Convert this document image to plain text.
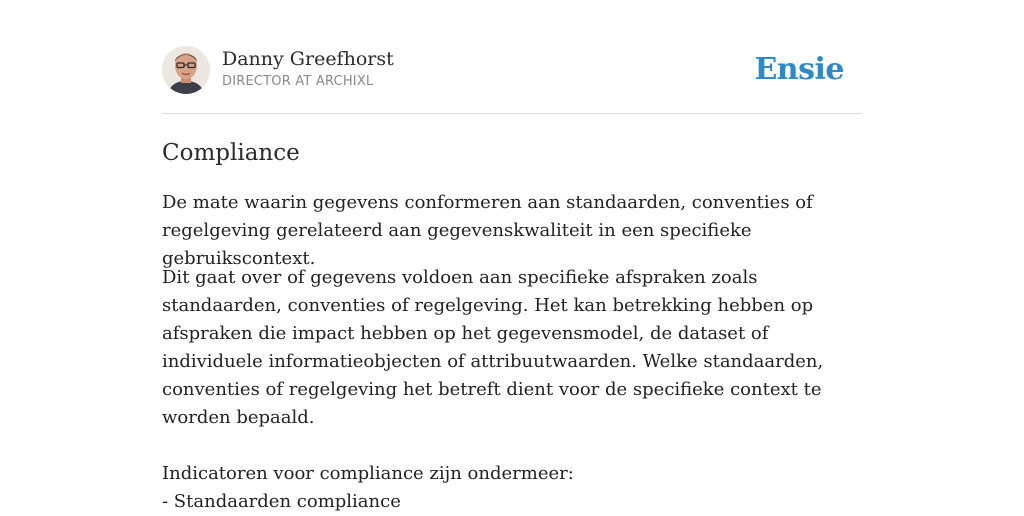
Danny Greefhorst
DIRECTOR AT ARCHIXL	Ensie
Compliance

De mate waarin gegevens conformeren aan standaarden, conventies of regelgeving gerelateerd aan gegevenskwaliteit in een specifieke gebruikscontext.

Dit gaat over of gegevens voldoen aan specifieke afspraken zoals standaarden, conventies of regelgeving. Het kan betrekking hebben op afspraken die impact hebben op het gegevensmodel, de dataset of individuele informatieobjecten of attribuutwaarden. Welke standaarden, conventies of regelgeving het betreft dient voor de specifieke context te worden bepaald.

Indicatoren voor compliance zijn ondermeer:
- Standaarden compliance
